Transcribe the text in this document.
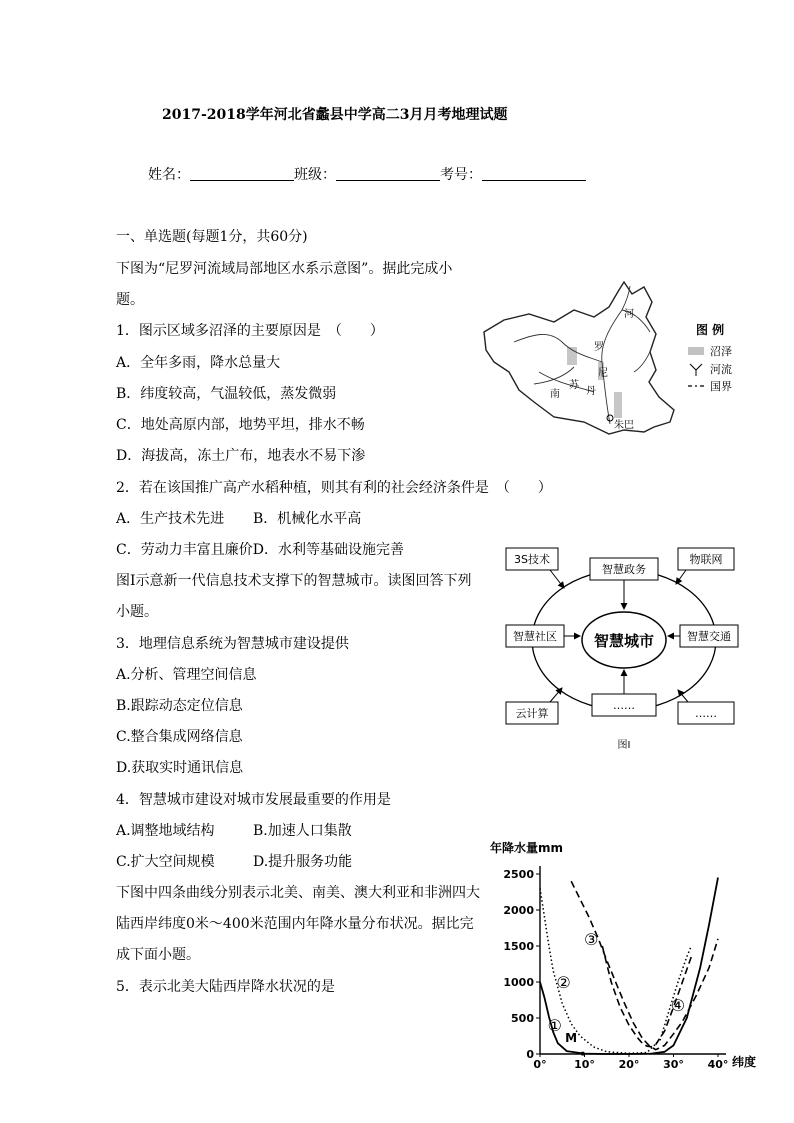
2017-2018学年河北省蠡县中学高二3月月考地理试题
姓名：	班级：	考号：
一、单选题(每题1分，共60分)
下图为“尼罗河流域局部地区水系示意图”。据此完成小
题。
1．图示区域多沼泽的主要原因是　（　　）
A．全年多雨，降水总量大
B．纬度较高，气温较低，蒸发微弱
C．地处高原内部，地势平坦，排水不畅
D．海拔高，冻土广布，地表水不易下渗
2．若在该国推广高产水稻种植，则其有利的社会经济条件是　（　　）
A．生产技术先进 B．机械化水平高
C．劳动力丰富且廉价D．水利等基础设施完善
图Ⅰ示意新一代信息技术支撑下的智慧城市。读图回答下列
小题。
3．地理信息系统为智慧城市建设提供
A.分析、管理空间信息
B.跟踪动态定位信息
C.整合集成网络信息
D.获取实时通讯信息
4．智慧城市建设对城市发展最重要的作用是
A.调整地域结构	B.加速人口集散
C.扩大空间规模	D.提升服务功能
下图中四条曲线分别表示北美、南美、澳大利亚和非洲四大
陆西岸纬度0米～400米范围内年降水量分布状况。据比完
成下面小题。
5．表示北美大陆西岸降水状况的是
河
罗
南
苏
丹
尼
朱巴
图 例
沼泽
河流
国界
智慧城市
智慧政务
智慧社区	智慧交通
……
3S技术	物联网
云计算	……
图Ⅰ
年降水量mm
纬度
0
500
1000
1500
2000
2500
0°	10° 20° 30° 40°
①
②
③
④
M
